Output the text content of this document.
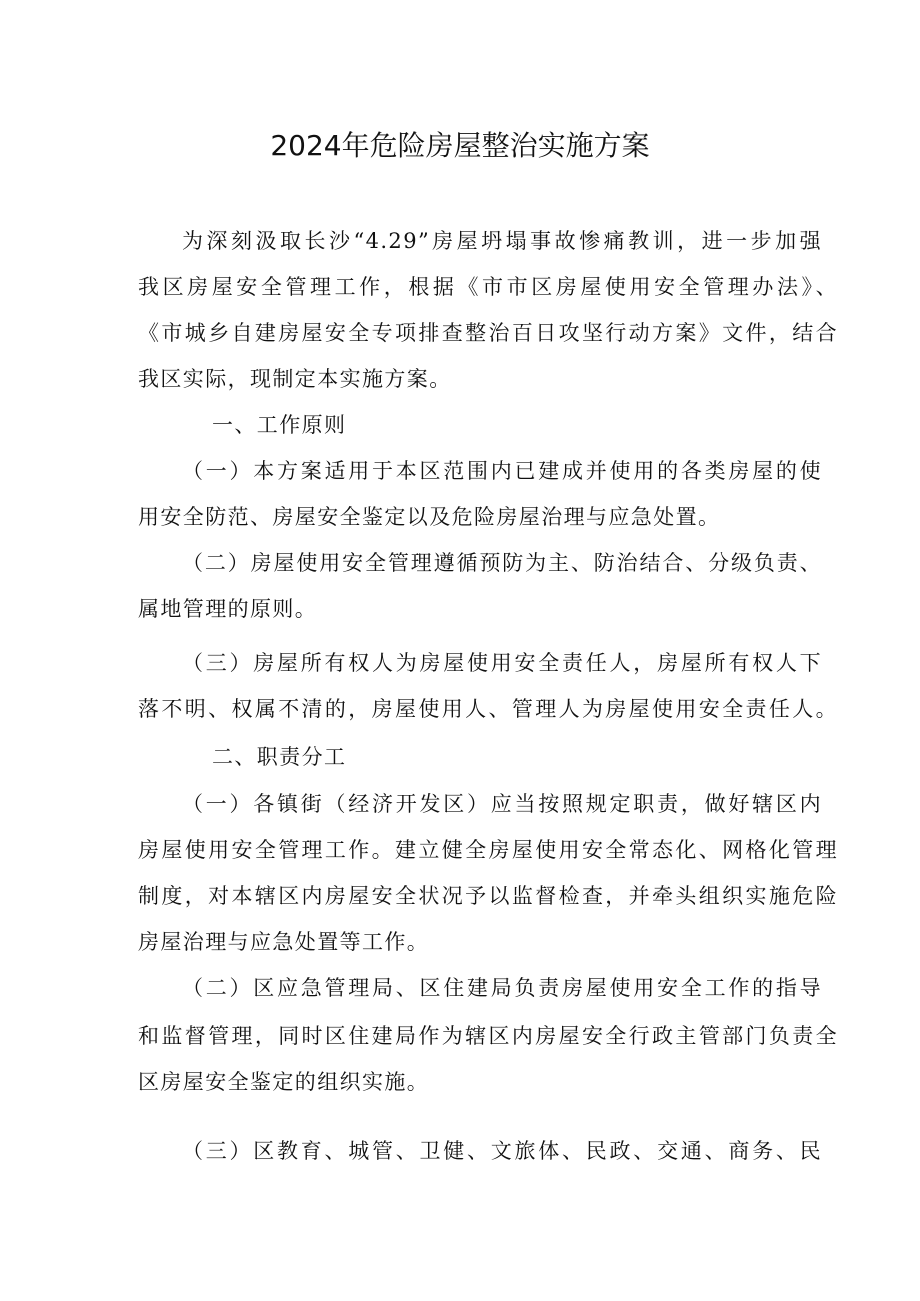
2024年危险房屋整治实施方案
为深刻汲取长沙“4.29”房屋坍塌事故惨痛教训，进一步加强
我区房屋安全管理工作，根据《市市区房屋使用安全管理办法》、
《市城乡自建房屋安全专项排查整治百日攻坚行动方案》文件，结合
我区实际，现制定本实施方案。
一、工作原则
（一）本方案适用于本区范围内已建成并使用的各类房屋的使
用安全防范、房屋安全鉴定以及危险房屋治理与应急处置。
（二）房屋使用安全管理遵循预防为主、防治结合、分级负责、
属地管理的原则。
（三）房屋所有权人为房屋使用安全责任人，房屋所有权人下
落不明、权属不清的，房屋使用人、管理人为房屋使用安全责任人。
二、职责分工
（一）各镇街（经济开发区）应当按照规定职责，做好辖区内
房屋使用安全管理工作。建立健全房屋使用安全常态化、网格化管理
制度，对本辖区内房屋安全状况予以监督检查，并牵头组织实施危险
房屋治理与应急处置等工作。
（二）区应急管理局、区住建局负责房屋使用安全工作的指导
和监督管理，同时区住建局作为辖区内房屋安全行政主管部门负责全
区房屋安全鉴定的组织实施。
（三）区教育、城管、卫健、文旅体、民政、交通、商务、民
